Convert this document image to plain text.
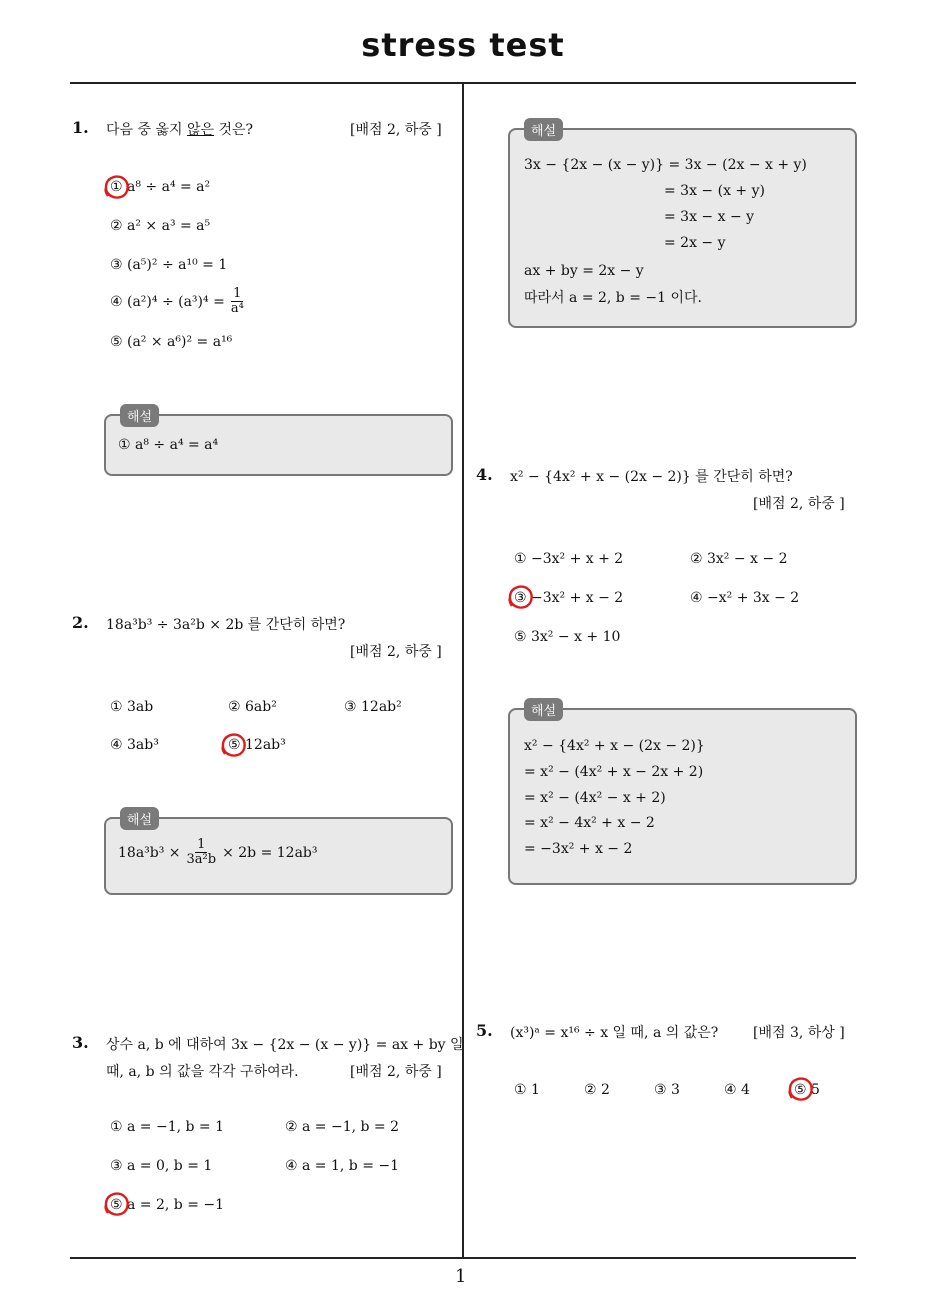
stress test
1
1. 다음 중 옳지 않은 것은?	[배점 2, 하중 ]
① a⁸ ÷ a⁴ = a²
② a² × a³ = a⁵
③ (a⁵)² ÷ a¹⁰ = 1
④ $(a^2)^4 \div (a^3)^4 = \frac{1}{\text{a⁴}}$
⑤ (a² × a⁶)² = a¹⁶
해설
① a⁸ ÷ a⁴ = a⁴
2. 18a³b³ ÷ 3a²b × 2b 를 간단히 하면?
[배점 2, 하중 ]
① 3ab	② 6ab²	③ 12ab²
④ 3ab³	⑤ 12ab³
해설
$18a^3b^3 \times \frac{1}{\text{3a²b}} \times 2b = 12ab^3$
3. 상수 a, b 에 대하여 3x − {2x − (x − y)} = ax + by 일
때, a, b 의 값을 각각 구하여라.	[배점 2, 하중 ]
① a = −1, b = 1	② a = −1, b = 2
③ a = 0, b = 1	④ a = 1, b = −1
⑤ a = 2, b = −1
해설
3x − {2x − (x − y)} = 3x − (2x − x + y)
= 3x − (x + y)
= 3x − x − y
= 2x − y
ax + by = 2x − y
따라서 a = 2, b = −1 이다.
4. x² − {4x² + x − (2x − 2)} 를 간단히 하면?
[배점 2, 하중 ]
① −3x² + x + 2	② 3x² − x − 2
③ −3x² + x − 2	④ −x² + 3x − 2
⑤ 3x² − x + 10
해설
x² − {4x² + x − (2x − 2)}
= x² − (4x² + x − 2x + 2)
= x² − (4x² − x + 2)
= x² − 4x² + x − 2
= −3x² + x − 2
5. (x³)ᵃ = x¹⁶ ÷ x 일 때, a 의 값은? [배점 3, 하상 ]
① 1	② 2	③ 3	④ 4	⑤ 5
